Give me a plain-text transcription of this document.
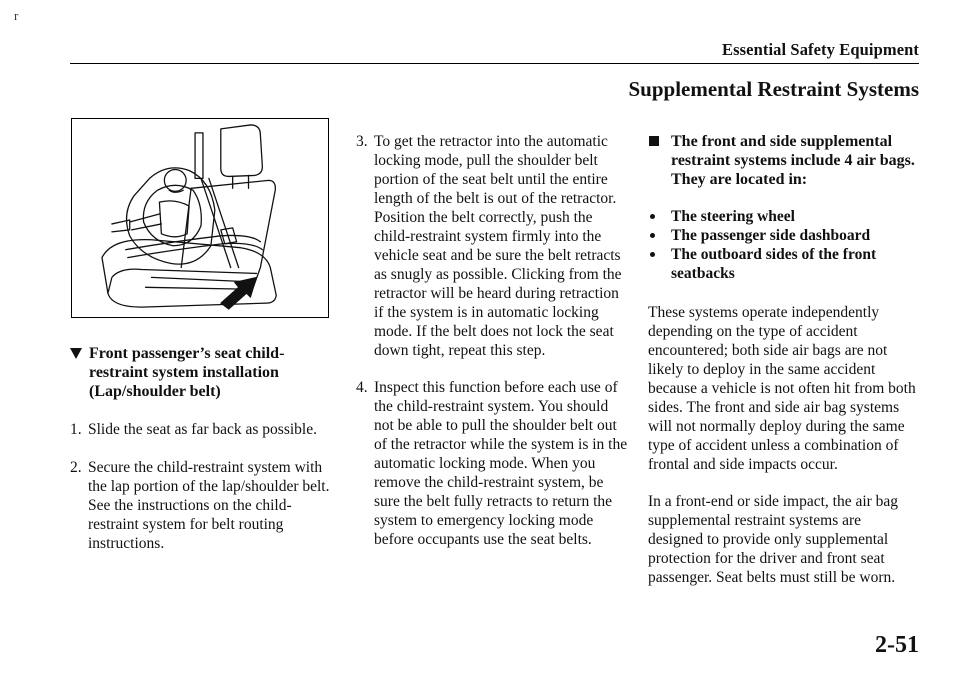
r
Essential Safety Equipment
Supplemental Restraint Systems
Front passenger’s seat child-restraint system installation (Lap/shoulder belt)
1. Slide the seat as far back as possible.
2. Secure the child-restraint system with the lap portion of the lap/shoulder belt. See the instructions on the child-restraint system for belt routing instructions.
3. To get the retractor into the automatic locking mode, pull the shoulder belt portion of the seat belt until the entire length of the belt is out of the retractor. Position the belt correctly, push the child-restraint system firmly into the vehicle seat and be sure the belt retracts as snugly as possible. Clicking from the retractor will be heard during retraction if the system is in automatic locking mode. If the belt does not lock the seat down tight, repeat this step.
4. Inspect this function before each use of the child-restraint system. You should not be able to pull the shoulder belt out of the retractor while the system is in the automatic locking mode. When you remove the child-restraint system, be sure the belt fully retracts to return the system to emergency locking mode before occupants use the seat belts.
The front and side supplemental restraint systems include 4 air bags. They are located in:
The steering wheel
The passenger side dashboard
The outboard sides of the front seatbacks

These systems operate independently depending on the type of accident encountered; both side air bags are not likely to deploy in the same accident because a vehicle is not often hit from both sides. The front and side air bag systems will not normally deploy during the same type of accident unless a combination of frontal and side impacts occur.

In a front-end or side impact, the air bag supplemental restraint systems are designed to provide only supplemental protection for the driver and front seat passenger. Seat belts must still be worn.

2-51
